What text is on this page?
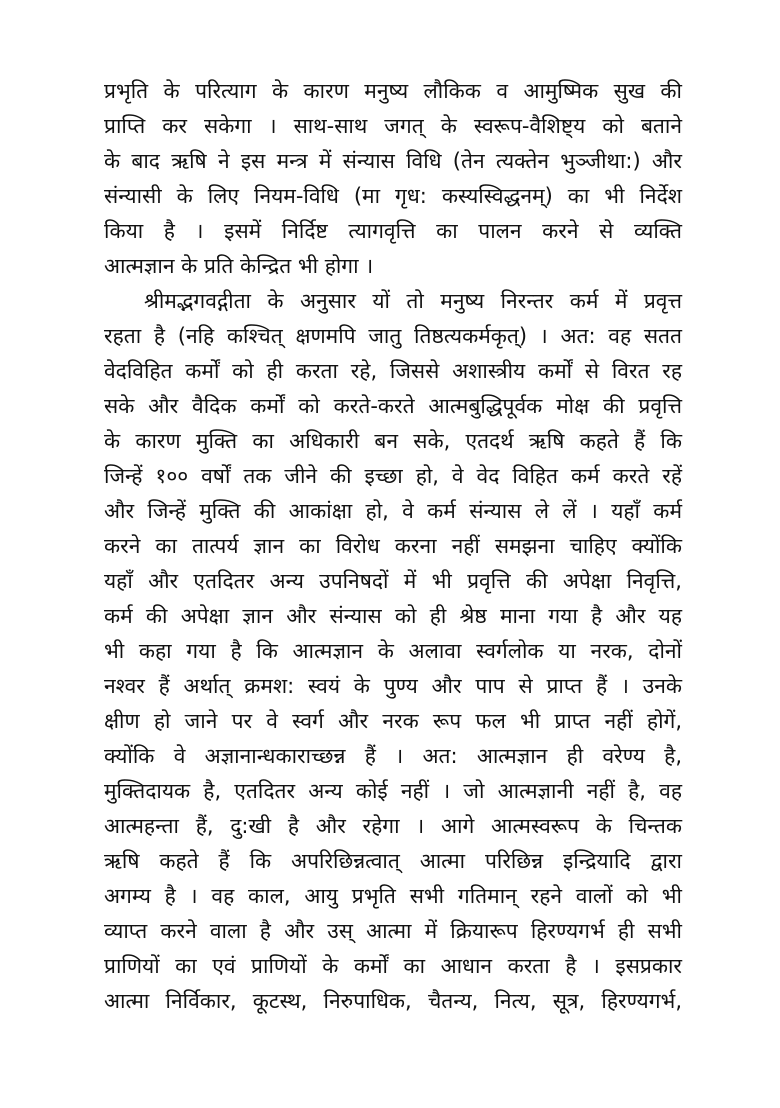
प्रभृति के परित्याग के कारण मनुष्य लौकिक व आमुष्मिक सुख की
प्राप्ति कर सकेगा । साथ-साथ जगत् के स्वरूप-वैशिष्ट्य को बताने
के बाद ऋषि ने इस मन्त्र में संन्यास विधि (तेन त्यक्तेन भुञ्जीथा:) और
संन्यासी के लिए नियम-विधि (मा गृध: कस्यस्विद्धनम्) का भी निर्देश
किया है । इसमें निर्दिष्ट त्यागवृत्ति का पालन करने से व्यक्ति
आत्मज्ञान के प्रति केन्द्रित भी होगा ।
श्रीमद्भगवद्गीता के अनुसार यों तो मनुष्य निरन्तर कर्म में प्रवृत्त
रहता है (नहि कश्चित् क्षणमपि जातु तिष्ठत्यकर्मकृत्) । अत: वह सतत
वेदविहित कर्मों को ही करता रहे, जिससे अशास्त्रीय कर्मों से विरत रह
सके और वैदिक कर्मों को करते-करते आत्मबुद्धिपूर्वक मोक्ष की प्रवृत्ति
के कारण मुक्ति का अधिकारी बन सके, एतदर्थ ऋषि कहते हैं कि
जिन्हें १०० वर्षों तक जीने की इच्छा हो, वे वेद विहित कर्म करते रहें
और जिन्हें मुक्ति की आकांक्षा हो, वे कर्म संन्यास ले लें । यहाँ कर्म
करने का तात्पर्य ज्ञान का विरोध करना नहीं समझना चाहिए क्योंकि
यहाँ और एतदितर अन्य उपनिषदों में भी प्रवृत्ति की अपेक्षा निवृत्ति,
कर्म की अपेक्षा ज्ञान और संन्यास को ही श्रेष्ठ माना गया है और यह
भी कहा गया है कि आत्मज्ञान के अलावा स्वर्गलोक या नरक, दोनों
नश्वर हैं अर्थात् क्रमश: स्वयं के पुण्य और पाप से प्राप्त हैं । उनके
क्षीण हो जाने पर वे स्वर्ग और नरक रूप फल भी प्राप्त नहीं होगें,
क्योंकि वे अज्ञानान्धकाराच्छन्न हैं । अत: आत्मज्ञान ही वरेण्य है,
मुक्तिदायक है, एतदितर अन्य कोई नहीं । जो आत्मज्ञानी नहीं है, वह
आत्महन्ता हैं, दु:खी है और रहेगा । आगे आत्मस्वरूप के चिन्तक
ऋषि कहते हैं कि अपरिछिन्नत्वात् आत्मा परिछिन्न इन्द्रियादि द्वारा
अगम्य है । वह काल, आयु प्रभृति सभी गतिमान् रहने वालों को भी
व्याप्त करने वाला है और उस् आत्मा में क्रियारूप हिरण्यगर्भ ही सभी
प्राणियों का एवं प्राणियों के कर्मों का आधान करता है । इसप्रकार
आत्मा निर्विकार, कूटस्थ, निरुपाधिक, चैतन्य, नित्य, सूत्र, हिरण्यगर्भ,
